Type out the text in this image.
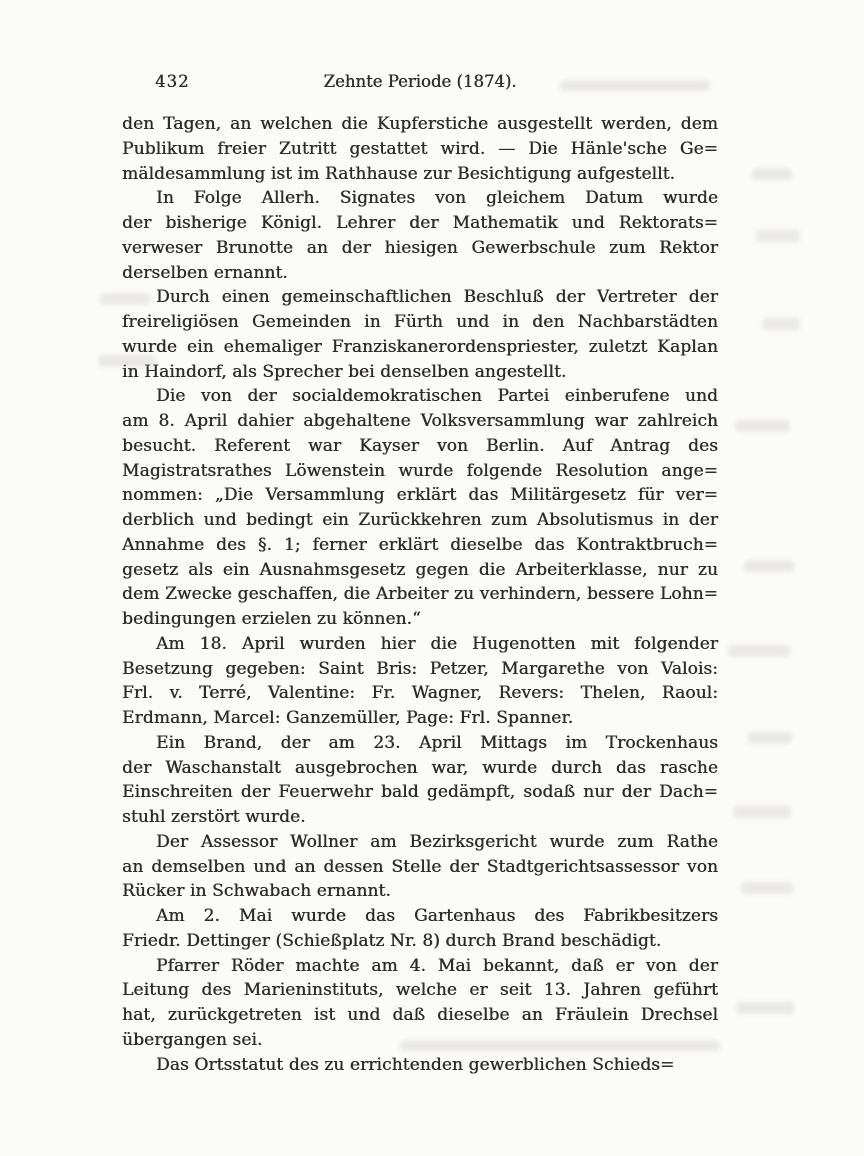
432	Zehnte Periode (1874).
den Tagen, an welchen die Kupferstiche ausgestellt werden, dem
Publikum freier Zutritt gestattet wird. — Die Hänle'sche Ge=
mäldesammlung ist im Rathhause zur Besichtigung aufgestellt.
In Folge Allerh. Signates von gleichem Datum wurde
der bisherige Königl. Lehrer der Mathematik und Rektorats=
verweser Brunotte an der hiesigen Gewerbschule zum Rektor
derselben ernannt.
Durch einen gemeinschaftlichen Beschluß der Vertreter der
freireligiösen Gemeinden in Fürth und in den Nachbarstädten
wurde ein ehemaliger Franziskanerordenspriester, zuletzt Kaplan
in Haindorf, als Sprecher bei denselben angestellt.
Die von der socialdemokratischen Partei einberufene und
am 8. April dahier abgehaltene Volksversammlung war zahlreich
besucht. Referent war Kayser von Berlin. Auf Antrag des
Magistratsrathes Löwenstein wurde folgende Resolution ange=
nommen: „Die Versammlung erklärt das Militärgesetz für ver=
derblich und bedingt ein Zurückkehren zum Absolutismus in der
Annahme des §. 1; ferner erklärt dieselbe das Kontraktbruch=
gesetz als ein Ausnahmsgesetz gegen die Arbeiterklasse, nur zu
dem Zwecke geschaffen, die Arbeiter zu verhindern, bessere Lohn=
bedingungen erzielen zu können.“
Am 18. April wurden hier die Hugenotten mit folgender
Besetzung gegeben: Saint Bris: Petzer, Margarethe von Valois:
Frl. v. Terré, Valentine: Fr. Wagner, Revers: Thelen, Raoul:
Erdmann, Marcel: Ganzemüller, Page: Frl. Spanner.
Ein Brand, der am 23. April Mittags im Trockenhaus
der Waschanstalt ausgebrochen war, wurde durch das rasche
Einschreiten der Feuerwehr bald gedämpft, sodaß nur der Dach=
stuhl zerstört wurde.
Der Assessor Wollner am Bezirksgericht wurde zum Rathe
an demselben und an dessen Stelle der Stadtgerichtsassessor von
Rücker in Schwabach ernannt.
Am 2. Mai wurde das Gartenhaus des Fabrikbesitzers
Friedr. Dettinger (Schießplatz Nr. 8) durch Brand beschädigt.
Pfarrer Röder machte am 4. Mai bekannt, daß er von der
Leitung des Marieninstituts, welche er seit 13. Jahren geführt
hat, zurückgetreten ist und daß dieselbe an Fräulein Drechsel
übergangen sei.
Das Ortsstatut des zu errichtenden gewerblichen Schieds=
